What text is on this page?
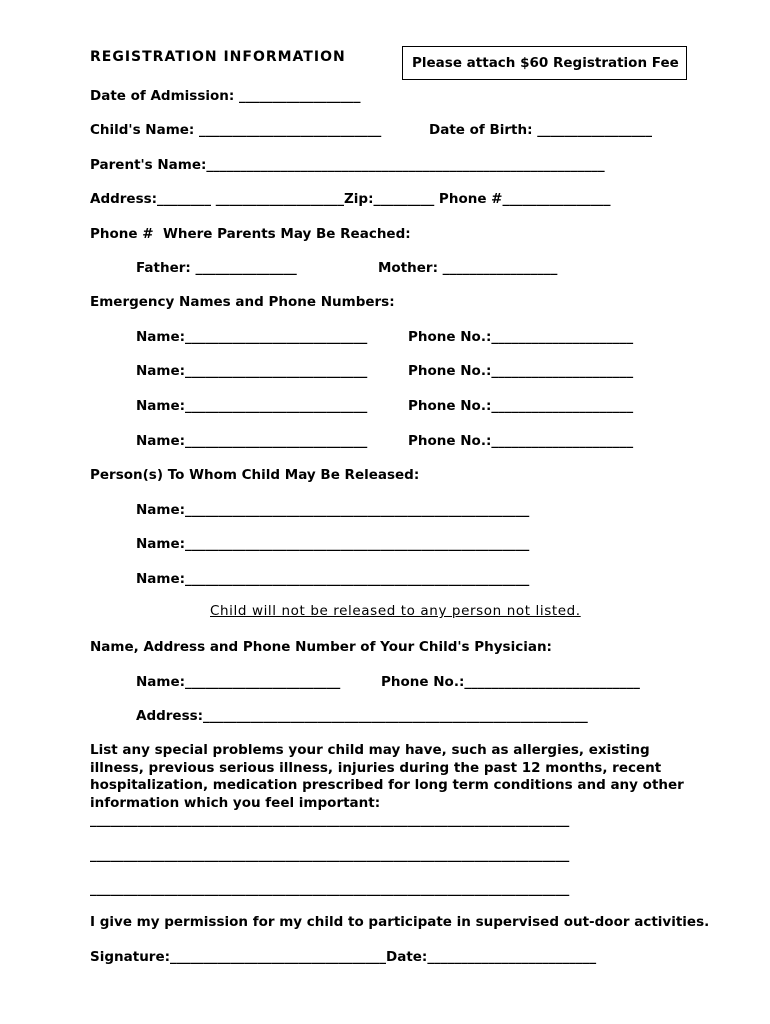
REGISTRATION INFORMATION	Please attach $60 Registration Fee
Date of Admission: __________________
Child's Name: ___________________________	Date of Birth: _________________
Parent's Name:___________________________________________________________
Address:________ ___________________Zip:_________ Phone #________________
Phone #  Where Parents May Be Reached:
Father: _______________	Mother: _________________
Emergency Names and Phone Numbers:
Name:___________________________	Phone No.:_____________________
Name:___________________________	Phone No.:_____________________
Name:___________________________	Phone No.:_____________________
Name:___________________________	Phone No.:_____________________
Person(s) To Whom Child May Be Released:
Name:___________________________________________________
Name:___________________________________________________
Name:___________________________________________________
Child will not be released to any person not listed.
Name, Address and Phone Number of Your Child's Physician:
Name:_______________________	Phone No.:__________________________
Address:_________________________________________________________
List any special problems your child may have, such as allergies, existing illness, previous serious illness, injuries during the past 12 months, recent hospitalization, medication prescribed for long term conditions and any other information which you feel important:
_______________________________________________________________________
_______________________________________________________________________
_______________________________________________________________________
I give my permission for my child to participate in supervised out-door activities.
Signature:________________________________Date:_________________________
